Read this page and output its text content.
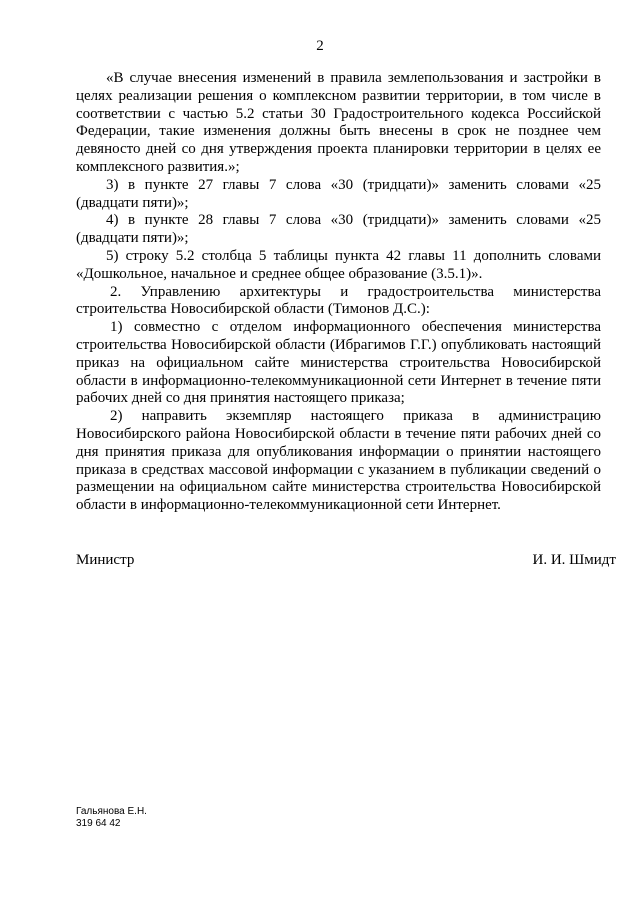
2

«В случае внесения изменений в правила землепользования и застройки в целях реализации решения о комплексном развитии территории, в том числе в соответствии с частью 5.2 статьи 30 Градостроительного кодекса Российской Федерации, такие изменения должны быть внесены в срок не позднее чем девяносто дней со дня утверждения проекта планировки территории в целях ее комплексного развития.»;

3) в пункте 27 главы 7 слова «30 (тридцати)» заменить словами «25 (двадцати пяти)»;

4) в пункте 28 главы 7 слова «30 (тридцати)» заменить словами «25 (двадцати пяти)»;

5) строку 5.2 столбца 5 таблицы пункта 42 главы 11 дополнить словами «Дошкольное, начальное и среднее общее образование (3.5.1)».

2. Управлению архитектуры и градостроительства министерства строительства Новосибирской области (Тимонов Д.С.):

1) совместно с отделом информационного обеспечения министерства строительства Новосибирской области (Ибрагимов Г.Г.) опубликовать настоящий приказ на официальном сайте министерства строительства Новосибирской области в информационно-телекоммуникационной сети Интернет в течение пяти рабочих дней со дня принятия настоящего приказа;

2) направить экземпляр настоящего приказа в администрацию Новосибирского района Новосибирской области в течение пяти рабочих дней со дня принятия приказа для опубликования информации о принятии настоящего приказа в средствах массовой информации с указанием в публикации сведений о размещении на официальном сайте министерства строительства Новосибирской области в информационно-телекоммуникационной сети Интернет.

Министр	И. И. Шмидт
Гальянова Е.Н.
319 64 42
